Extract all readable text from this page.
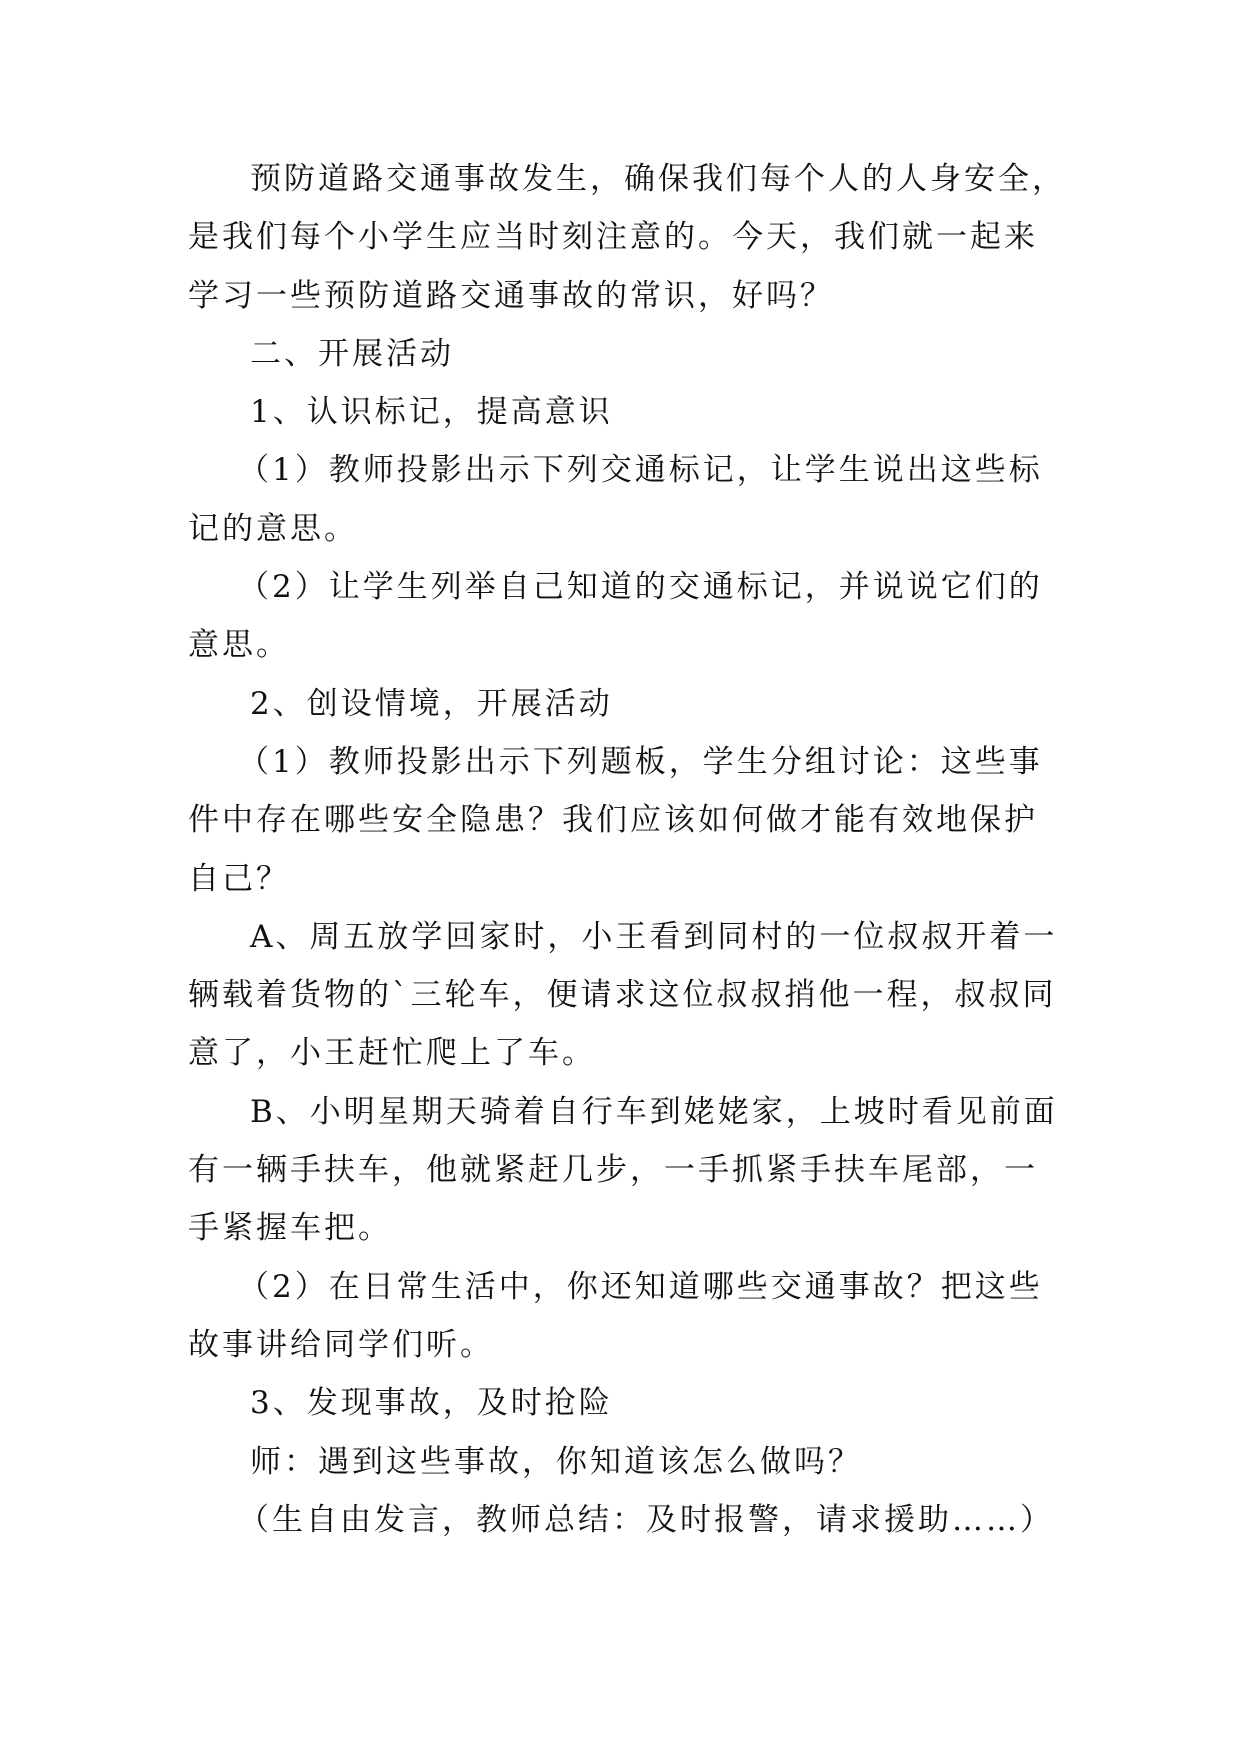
预防道路交通事故发生，确保我们每个人的人身安全，是我们每个小学生应当时刻注意的。今天，我们就一起来学习一些预防道路交通事故的常识，好吗？

二、开展活动

1、认识标记，提高意识

（1）教师投影出示下列交通标记，让学生说出这些标记的意思。

（2）让学生列举自己知道的交通标记，并说说它们的意思。

2、创设情境，开展活动

（1）教师投影出示下列题板，学生分组讨论：这些事件中存在哪些安全隐患？我们应该如何做才能有效地保护自己？

A、周五放学回家时，小王看到同村的一位叔叔开着一辆载着货物的`三轮车，便请求这位叔叔捎他一程，叔叔同意了，小王赶忙爬上了车。

B、小明星期天骑着自行车到姥姥家，上坡时看见前面有一辆手扶车，他就紧赶几步，一手抓紧手扶车尾部，一手紧握车把。

（2）在日常生活中，你还知道哪些交通事故？把这些故事讲给同学们听。

3、发现事故，及时抢险

师：遇到这些事故，你知道该怎么做吗？

（生自由发言，教师总结：及时报警，请求援助……）
